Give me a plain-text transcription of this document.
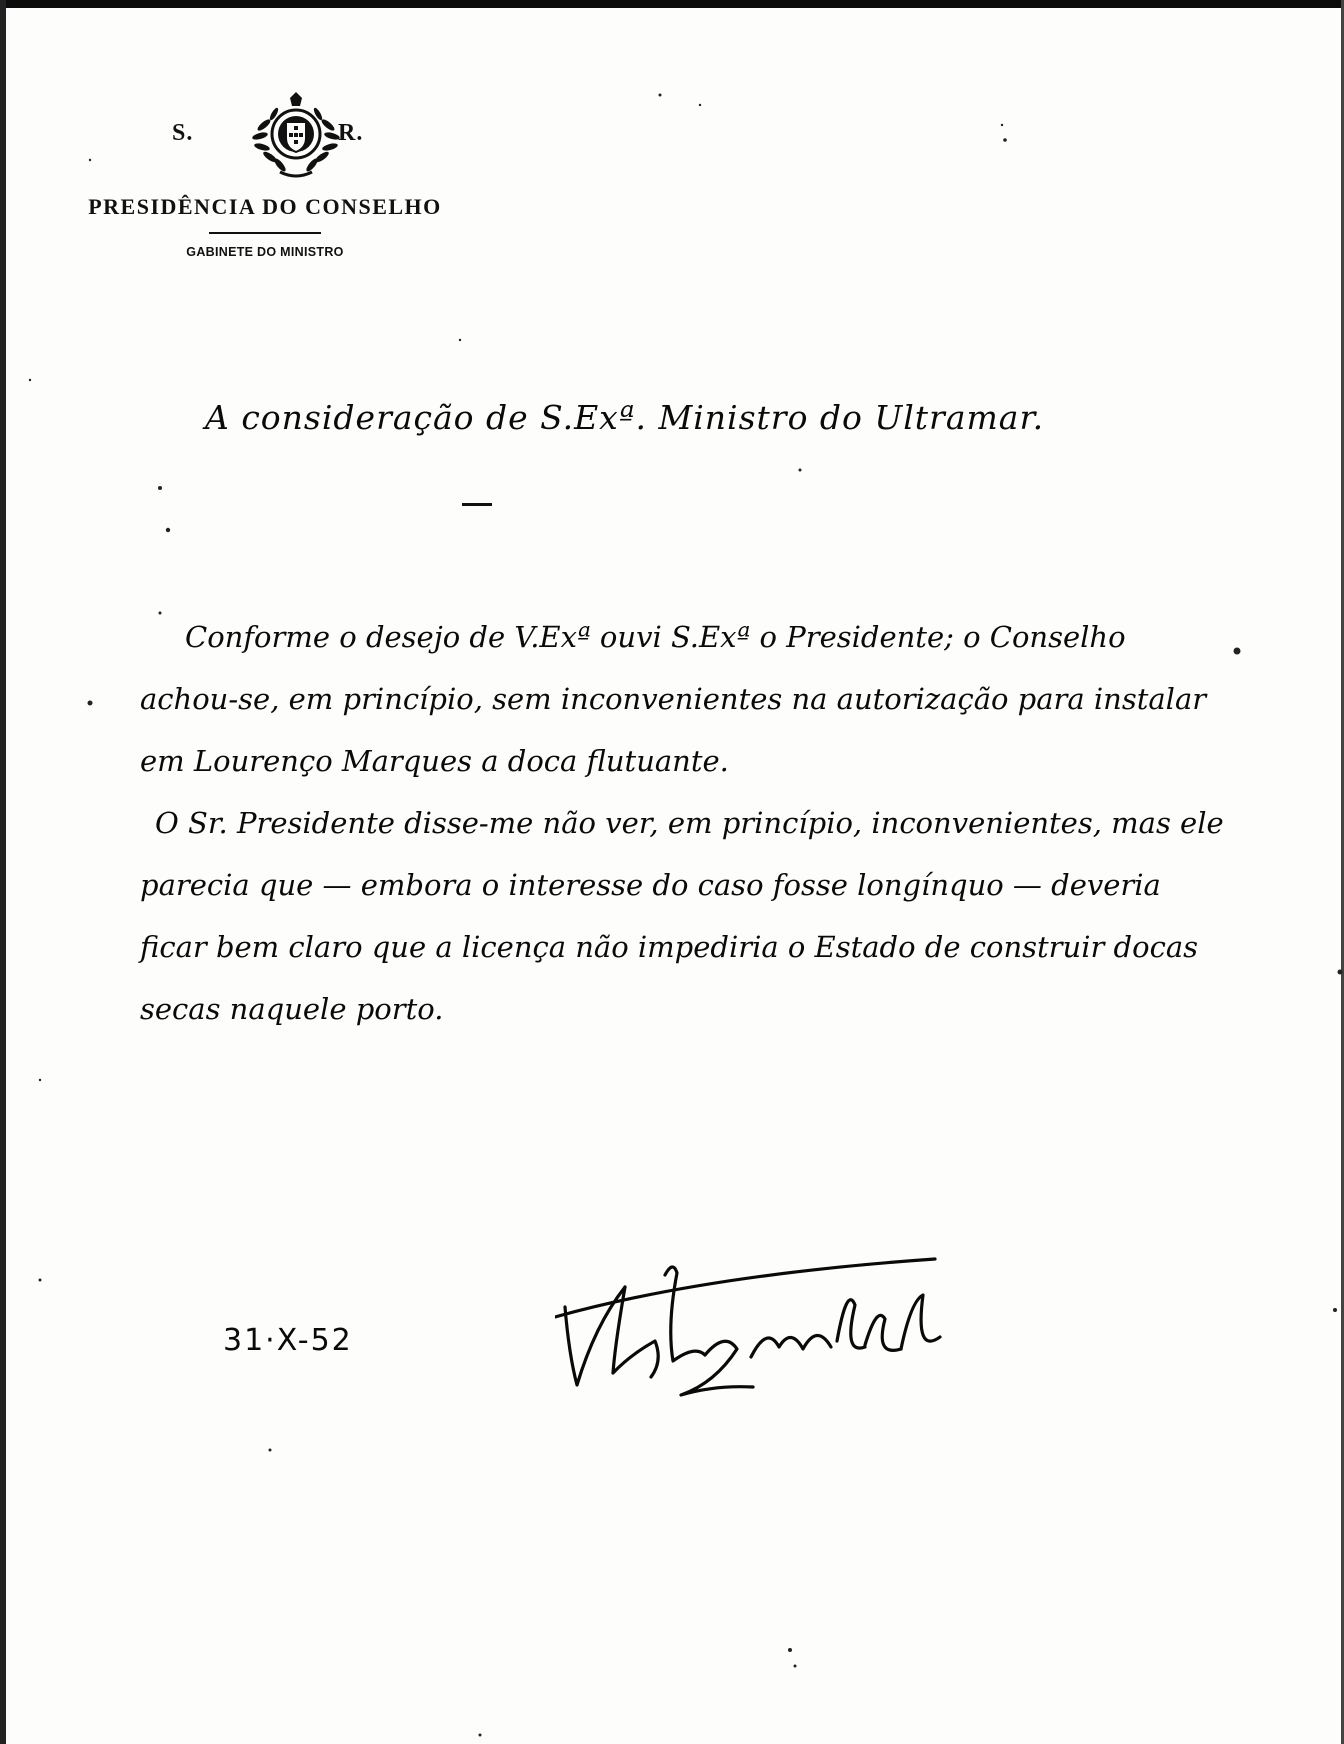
S.	R.
PRESIDÊNCIA DO CONSELHO
GABINETE DO MINISTRO
A consideração de S.Exª. Ministro do Ultramar.

Conforme o desejo de V.Exª ouvi S.Exª o Presidente; o Conselho achou-se, em princípio, sem inconvenientes na autorização para instalar em Lourenço Marques a doca flutuante.

O Sr. Presidente disse-me não ver, em princípio, inconvenientes, mas ele parecia que — embora o interesse do caso fosse longínquo — deveria ficar bem claro que a licença não impediria o Estado de construir docas secas naquele porto.

31·X-52
